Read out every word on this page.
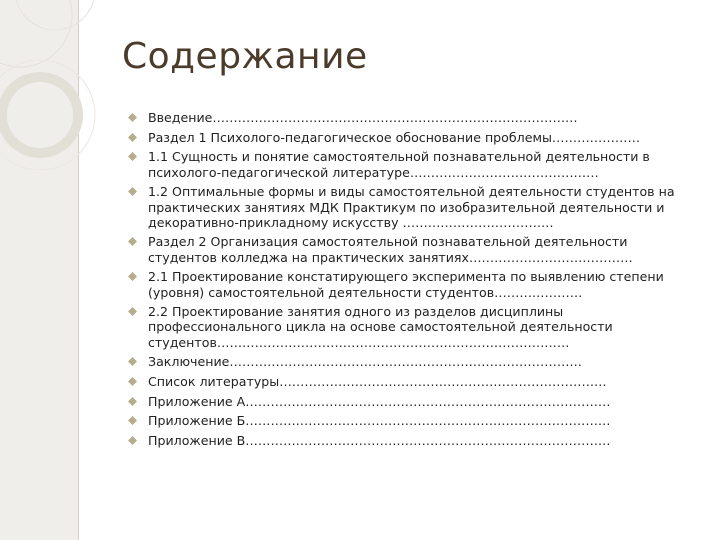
Содержание
Введение……………………………………………………………………………
Раздел 1 Психолого-педагогическое обоснование проблемы…………………
1.1 Сущность и понятие самостоятельной познавательной деятельности в психолого-педагогической литературе………………………………………
1.2 Оптимальные формы и виды самостоятельной деятельности студентов на практических занятиях МДК Практикум по изобразительной деятельности и декоративно-прикладному искусству ………………………………
Раздел 2 Организация самостоятельной познавательной деятельности студентов колледжа на практических занятиях…………………………………
2.1 Проектирование констатирующего эксперимента по выявлению степени (уровня) самостоятельной деятельности студентов…………………
2.2 Проектирование занятия одного из разделов дисциплины профессионального цикла на основе самостоятельной деятельности студентов…………………………………………………………………………
Заключение…………………………………………………………………………
Список литературы……………………………………………………………………
Приложение А……………………………………………………………………………
Приложение Б……………………………………………………………………………
Приложение В……………………………………………………………………………
